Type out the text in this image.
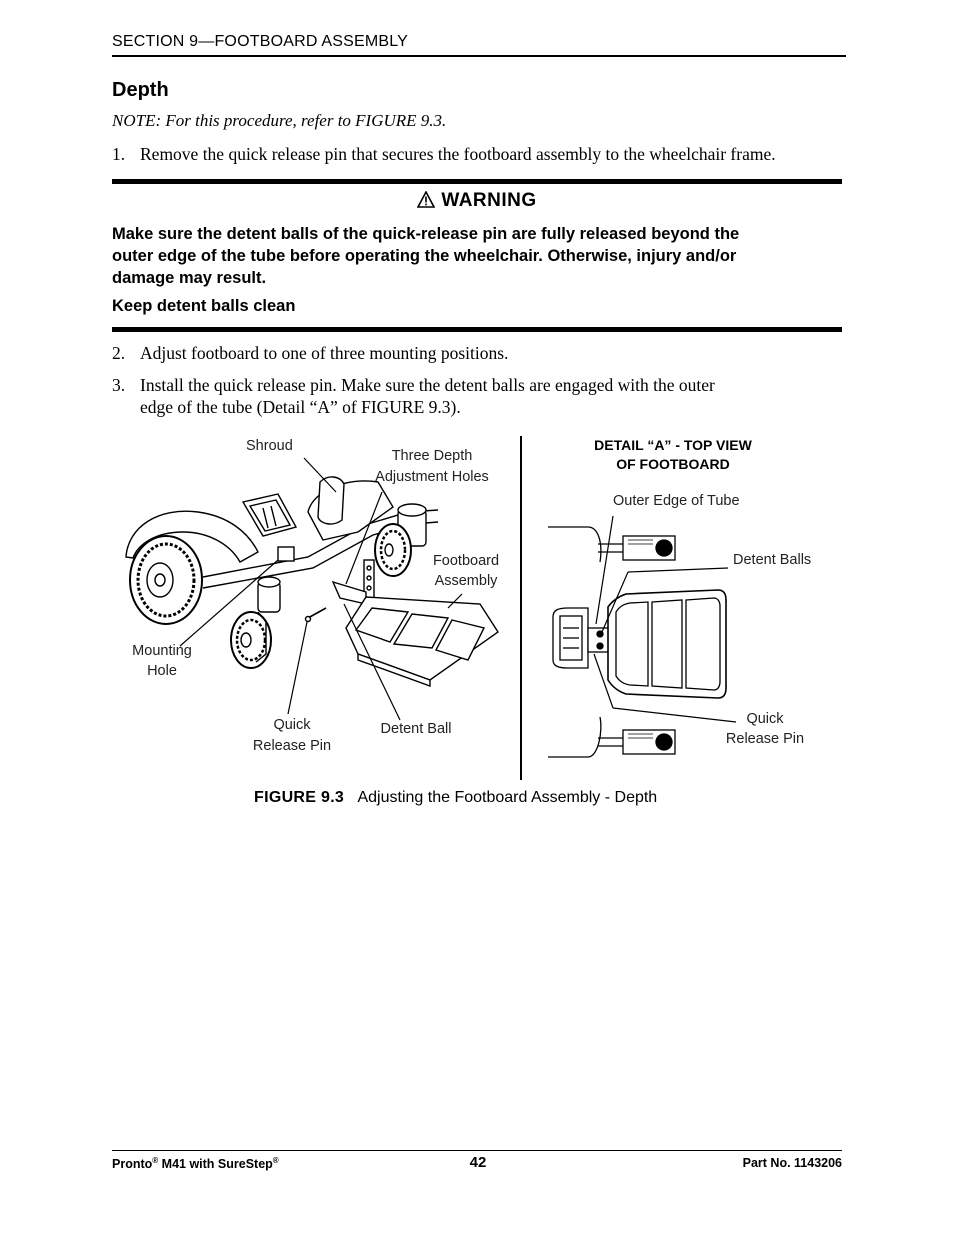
SECTION 9—FOOTBOARD ASSEMBLY
Depth
NOTE: For this procedure, refer to FIGURE 9.3.
1. Remove the quick release pin that secures the footboard assembly to the wheelchair frame.
WARNING
Make sure the detent balls of the quick-release pin are fully released beyond the
outer edge of the tube before operating the wheelchair. Otherwise, injury and/or
damage may result.
Keep detent balls clean
2. Adjust footboard to one of three mounting positions.
3. Install the quick release pin. Make sure the detent balls are engaged with the outer
edge of the tube (Detail “A” of FIGURE 9.3).
Shroud
Three Depth
Adjustment Holes
Footboard
Assembly
Mounting
Hole
Quick
Release Pin
Detent Ball
DETAIL “A” - TOP VIEW
OF FOOTBOARD
Outer Edge of Tube
Detent Balls
Quick
Release Pin
FIGURE 9.3 Adjusting the Footboard Assembly - Depth
Pronto® M41 with SureStep®	42	Part No. 1143206
